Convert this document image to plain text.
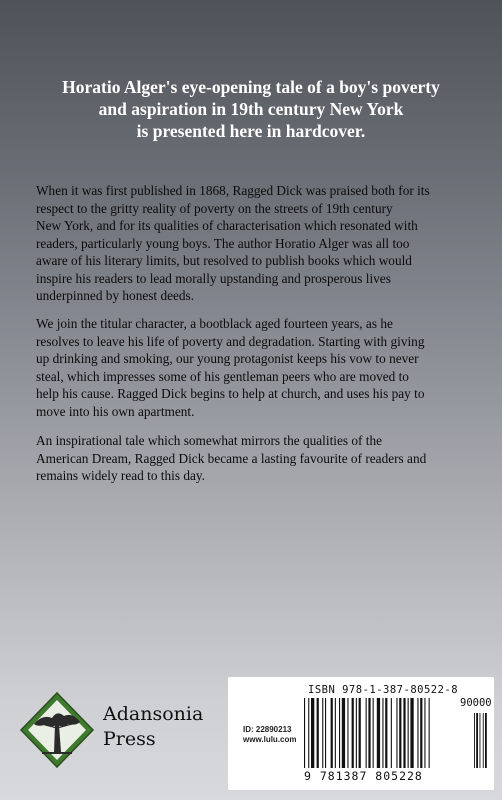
Horatio Alger's eye-opening tale of a boy's poverty
and aspiration in 19th century New York
is presented here in hardcover.
When it was first published in 1868, Ragged Dick was praised both for its
respect to the gritty reality of poverty on the streets of 19th century
New York, and for its qualities of characterisation which resonated with
readers, particularly young boys. The author Horatio Alger was all too
aware of his literary limits, but resolved to publish books which would
inspire his readers to lead morally upstanding and prosperous lives
underpinned by honest deeds.
We join the titular character, a bootblack aged fourteen years, as he
resolves to leave his life of poverty and degradation. Starting with giving
up drinking and smoking, our young protagonist keeps his vow to never
steal, which impresses some of his gentleman peers who are moved to
help his cause. Ragged Dick begins to help at church, and uses his pay to
move into his own apartment.
An inspirational tale which somewhat mirrors the qualities of the
American Dream, Ragged Dick became a lasting favourite of readers and
remains widely read to this day.
Adansonia
Press
ISBN 978-1-387-80522-8
90000
ID: 22890213
www.lulu.com
9 781387 805228
